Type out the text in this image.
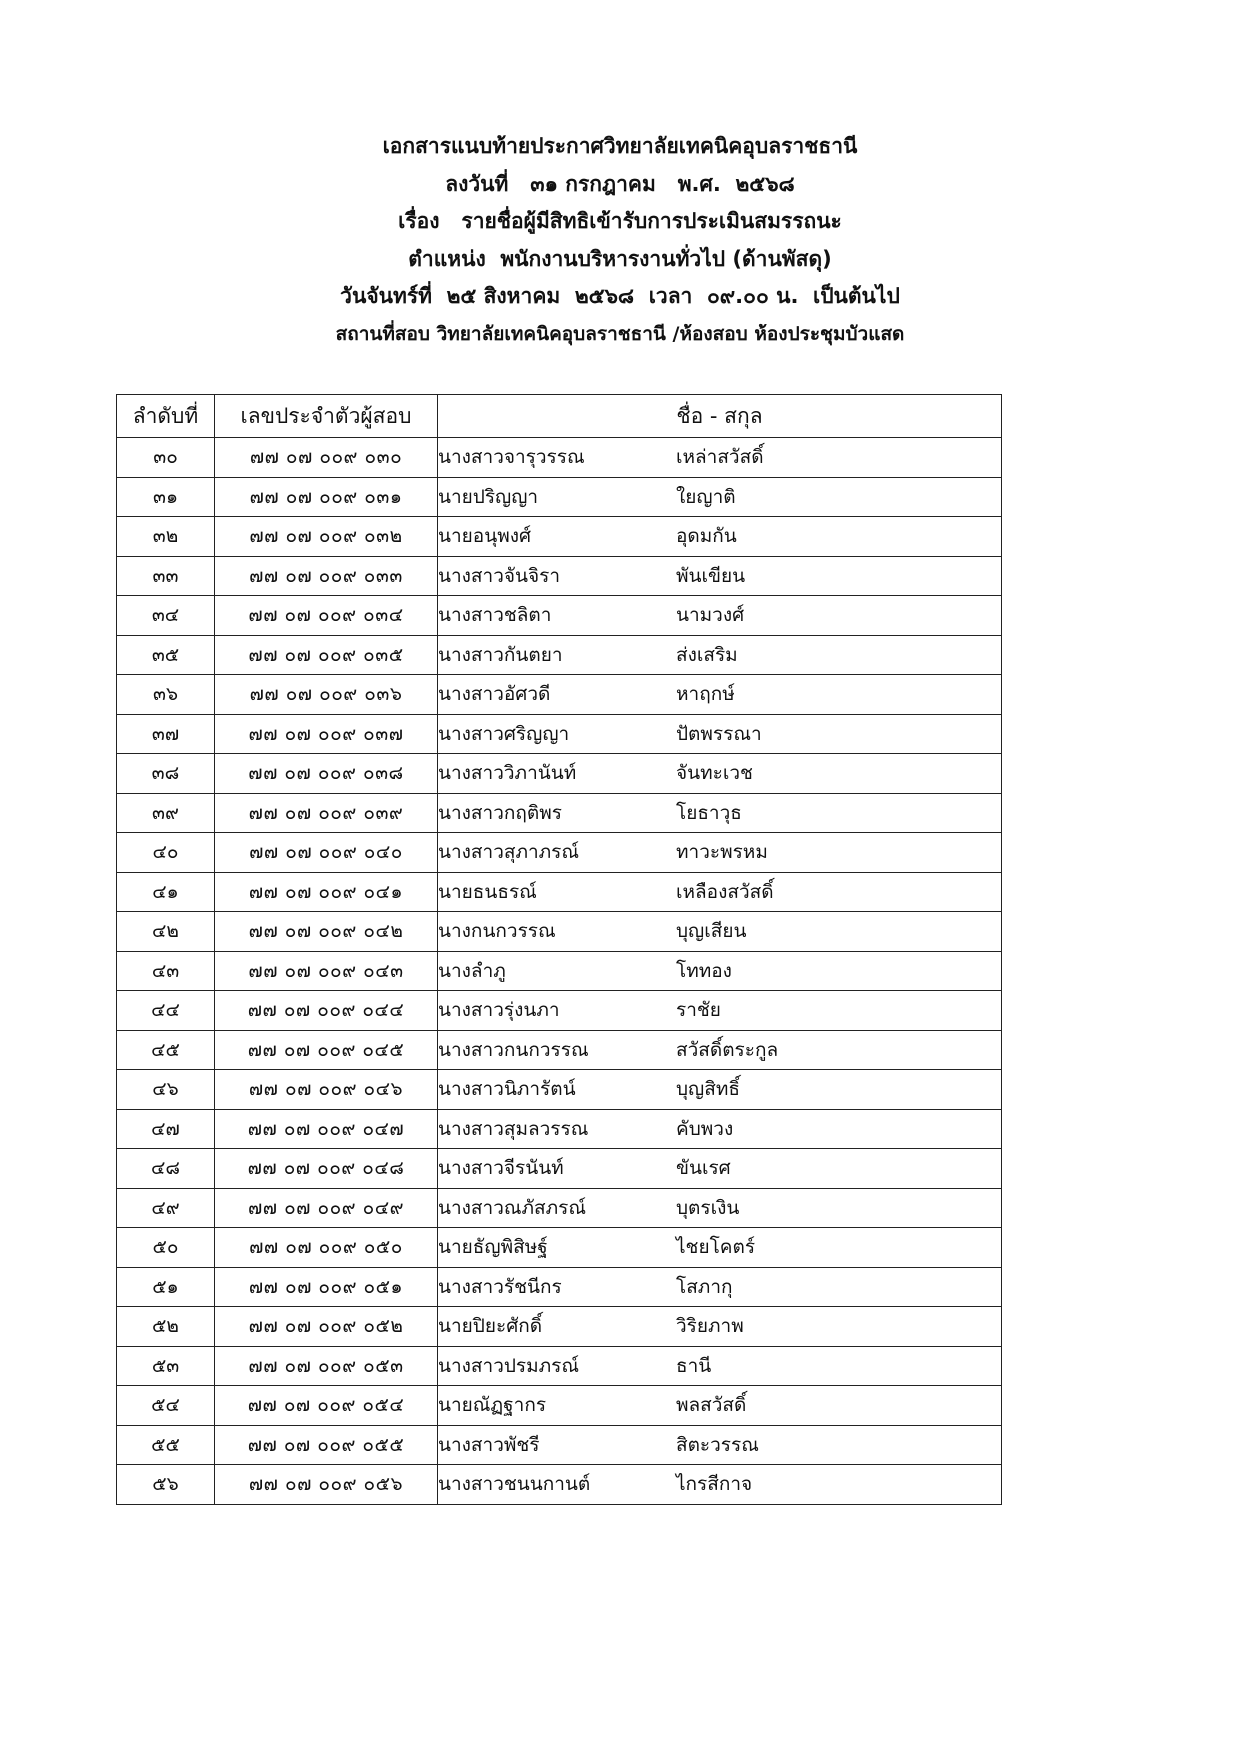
เอกสารแนบท้ายประกาศวิทยาลัยเทคนิคอุบลราชธานี
ลงวันที่   ๓๑ กรกฎาคม   พ.ศ.  ๒๕๖๘
เรื่อง   รายชื่อผู้มีสิทธิเข้ารับการประเมินสมรรถนะ
ตำแหน่ง  พนักงานบริหารงานทั่วไป (ด้านพัสดุ)
วันจันทร์ที่  ๒๕ สิงหาคม  ๒๕๖๘  เวลา  ๐๙.๐๐ น.  เป็นต้นไป
สถานที่สอบ วิทยาลัยเทคนิคอุบลราชธานี /ห้องสอบ ห้องประชุมบัวแสด
ลำดับที่	เลขประจำตัวผู้สอบ	ชื่อ - สกุล
๓๐	๗๗ ๐๗ ๐๐๙ ๐๓๐	นางสาวจารุวรรณ เหล่าสวัสดิ์
๓๑	๗๗ ๐๗ ๐๐๙ ๐๓๑	นายปริญญา ใยญาติ
๓๒	๗๗ ๐๗ ๐๐๙ ๐๓๒	นายอนุพงศ์ อุดมกัน
๓๓	๗๗ ๐๗ ๐๐๙ ๐๓๓	นางสาวจันจิรา พันเขียน
๓๔	๗๗ ๐๗ ๐๐๙ ๐๓๔	นางสาวชลิตา นามวงศ์
๓๕	๗๗ ๐๗ ๐๐๙ ๐๓๕	นางสาวกันตยา ส่งเสริม
๓๖	๗๗ ๐๗ ๐๐๙ ๐๓๖	นางสาวอัศวดี หาฤกษ์
๓๗	๗๗ ๐๗ ๐๐๙ ๐๓๗	นางสาวศริญญา ปัตพรรณา
๓๘	๗๗ ๐๗ ๐๐๙ ๐๓๘	นางสาววิภานันท์ จันทะเวช
๓๙	๗๗ ๐๗ ๐๐๙ ๐๓๙	นางสาวกฤติพร โยธาวุธ
๔๐	๗๗ ๐๗ ๐๐๙ ๐๔๐	นางสาวสุภาภรณ์ ทาวะพรหม
๔๑	๗๗ ๐๗ ๐๐๙ ๐๔๑	นายธนธรณ์ เหลืองสวัสดิ์
๔๒	๗๗ ๐๗ ๐๐๙ ๐๔๒	นางกนกวรรณ บุญเสียน
๔๓	๗๗ ๐๗ ๐๐๙ ๐๔๓	นางลำภู โททอง
๔๔	๗๗ ๐๗ ๐๐๙ ๐๔๔	นางสาวรุ่งนภา ราชัย
๔๕	๗๗ ๐๗ ๐๐๙ ๐๔๕	นางสาวกนกวรรณ สวัสดิ์ตระกูล
๔๖	๗๗ ๐๗ ๐๐๙ ๐๔๖	นางสาวนิภารัตน์ บุญสิทธิ์
๔๗	๗๗ ๐๗ ๐๐๙ ๐๔๗	นางสาวสุมลวรรณ คับพวง
๔๘	๗๗ ๐๗ ๐๐๙ ๐๔๘	นางสาวจีรนันท์ ขันเรศ
๔๙	๗๗ ๐๗ ๐๐๙ ๐๔๙	นางสาวณภัสภรณ์ บุตรเงิน
๕๐	๗๗ ๐๗ ๐๐๙ ๐๕๐	นายธัญพิสิษฐ์ ไชยโคตร์
๕๑	๗๗ ๐๗ ๐๐๙ ๐๕๑	นางสาวรัชนีกร โสภากุ
๕๒	๗๗ ๐๗ ๐๐๙ ๐๕๒	นายปิยะศักดิ์ วิริยภาพ
๕๓	๗๗ ๐๗ ๐๐๙ ๐๕๓	นางสาวปรมภรณ์ ธานี
๕๔	๗๗ ๐๗ ๐๐๙ ๐๕๔	นายณัฏฐากร พลสวัสดิ์
๕๕	๗๗ ๐๗ ๐๐๙ ๐๕๕	นางสาวพัชรี สิตะวรรณ
๕๖	๗๗ ๐๗ ๐๐๙ ๐๕๖	นางสาวชนนกานต์ ไกรสีกาจ
